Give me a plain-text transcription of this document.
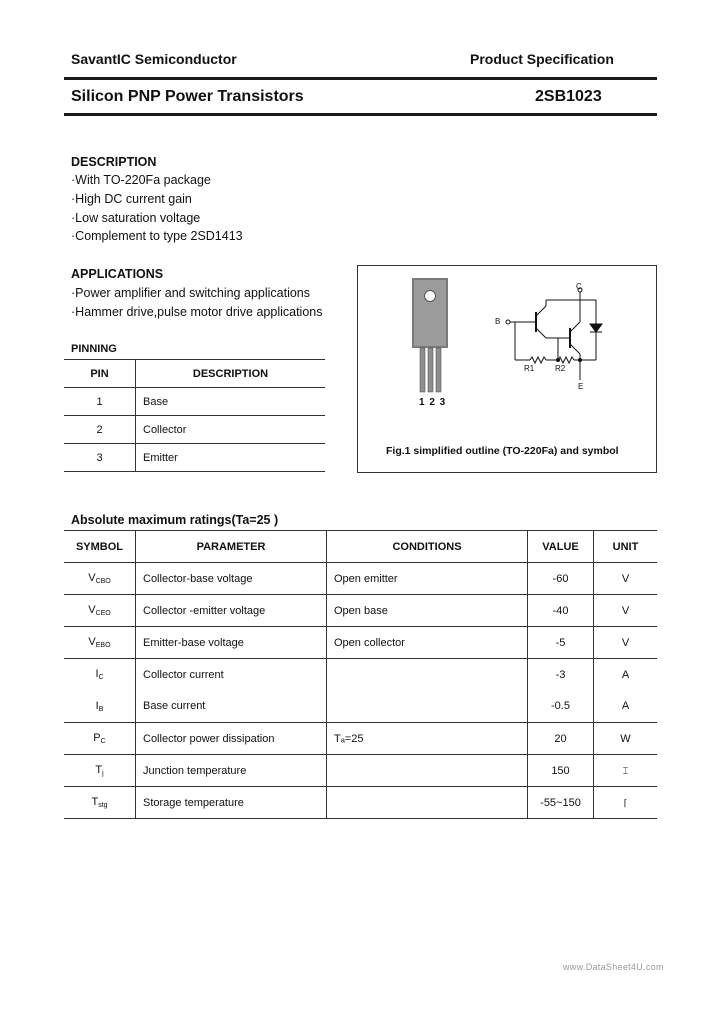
SavantIC Semiconductor	Product Specification
Silicon PNP Power Transistors	2SB1023
DESCRIPTION
·With TO-220Fa package
·High DC current gain
·Low saturation voltage
·Complement to type 2SD1413
APPLICATIONS
·Power amplifier and switching applications
·Hammer drive,pulse motor drive applications
PINNING
PIN	DESCRIPTION
1	Base
2	Collector
3	Emitter
1 2 3
C
B
R1	R2
E
Fig.1 simplified outline (TO-220Fa) and symbol
Absolute maximum ratings(Ta=25 )
SYMBOL	PARAMETER	CONDITIONS	VALUE	UNIT
$V_{CBO}$	Collector-base voltage	Open emitter	-60	V
$V_{CEO}$	Collector -emitter voltage	Open base	-40	V
$V_{EBO}$	Emitter-base voltage	Open collector	-5	V
$I_C$	Collector current		-3	A
$I_B$	Base current		-0.5	A
$P_C$	Collector power dissipation	Tₐ=25  	20	W
$T_j$	Junction temperature		150	⌶
$T_{stg}$	Storage temperature		-55~150	⌈
www.DataSheet4U.com
